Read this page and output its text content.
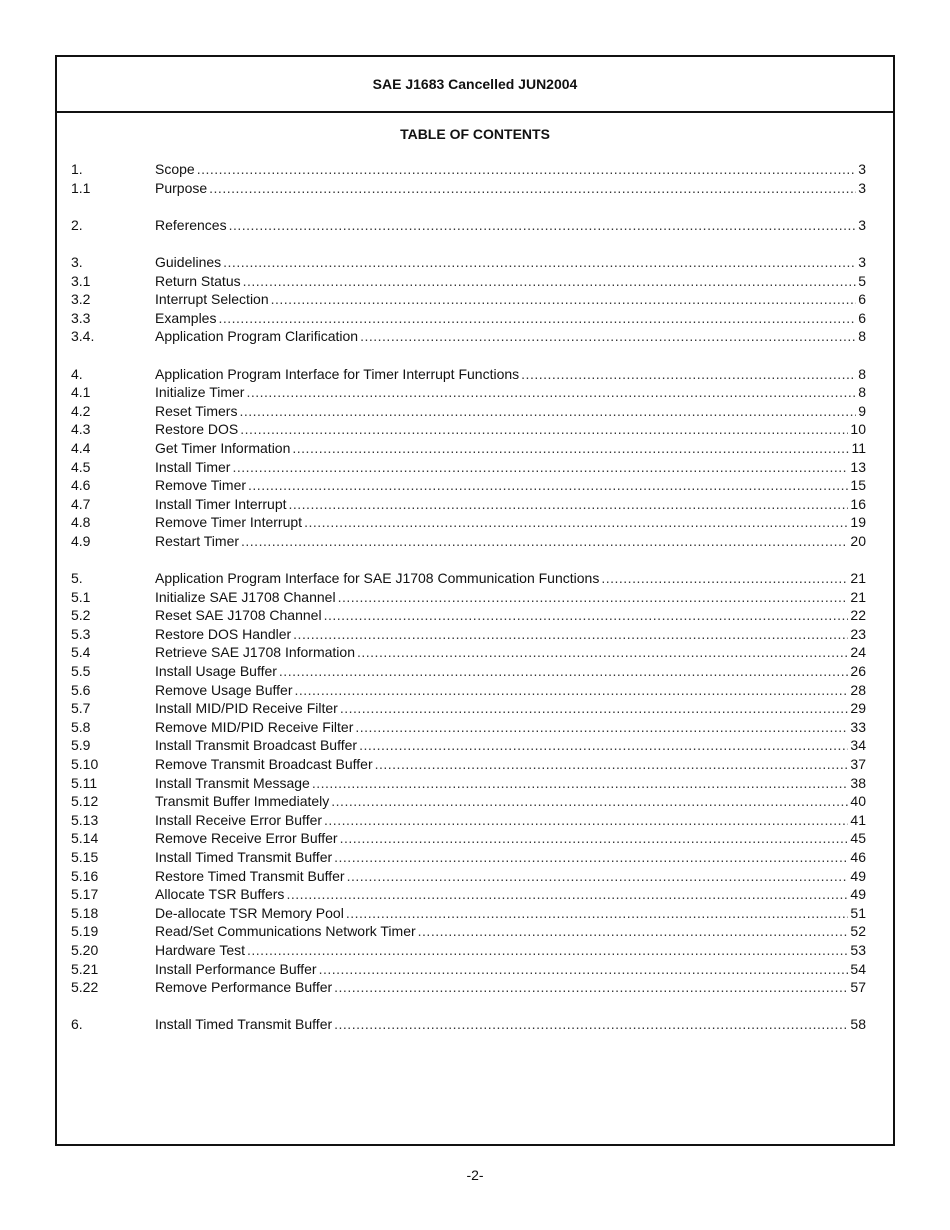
SAE J1683 Cancelled JUN2004
TABLE OF CONTENTS
1.	Scope .....	3
1.1	Purpose .....	3
2.	References .....	3
3.	Guidelines .....	3
3.1	Return Status .....	5
3.2	Interrupt Selection .....	6
3.3	Examples .....	6
3.4.	Application Program Clarification .....	8
4.	Application Program Interface for Timer Interrupt Functions .....	8
4.1	Initialize Timer .....	8
4.2	Reset Timers .....	9
4.3	Restore DOS .....	10
4.4	Get Timer Information .....	11
4.5	Install Timer .....	13
4.6	Remove Timer .....	15
4.7	Install Timer Interrupt .....	16
4.8	Remove Timer Interrupt .....	19
4.9	Restart Timer .....	20
5.	Application Program Interface for SAE J1708 Communication Functions .....	21
5.1	Initialize SAE J1708 Channel .....	21
5.2	Reset SAE J1708 Channel .....	22
5.3	Restore DOS Handler .....	23
5.4	Retrieve SAE J1708 Information .....	24
5.5	Install Usage Buffer .....	26
5.6	Remove Usage Buffer .....	28
5.7	Install MID/PID Receive Filter .....	29
5.8	Remove MID/PID Receive Filter .....	33
5.9	Install Transmit Broadcast Buffer .....	34
5.10	Remove Transmit Broadcast Buffer .....	37
5.11	Install Transmit Message .....	38
5.12	Transmit Buffer Immediately .....	40
5.13	Install Receive Error Buffer .....	41
5.14	Remove Receive Error Buffer .....	45
5.15	Install Timed Transmit Buffer .....	46
5.16	Restore Timed Transmit Buffer .....	49
5.17	Allocate TSR Buffers .....	49
5.18	De-allocate TSR Memory Pool .....	51
5.19	Read/Set Communications Network Timer .....	52
5.20	Hardware Test .....	53
5.21	Install Performance Buffer .....	54
5.22	Remove Performance Buffer .....	57
6.	Install Timed Transmit Buffer .....	58
-2-
